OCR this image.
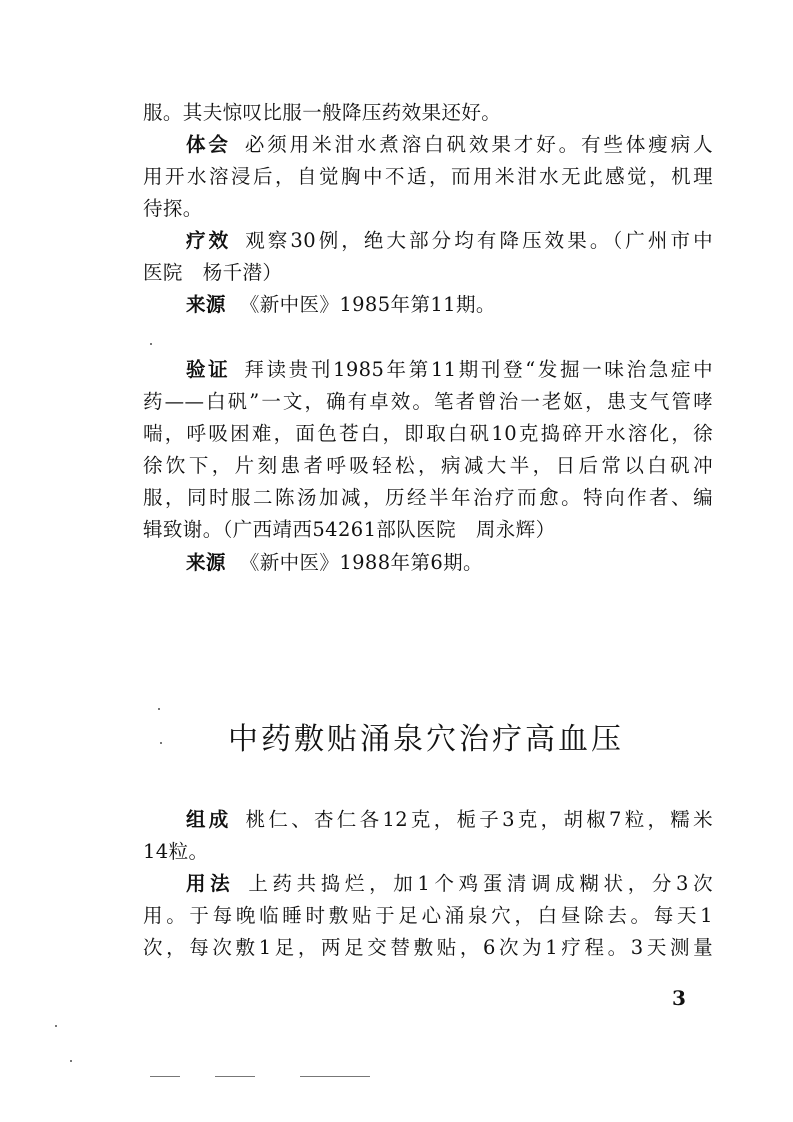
中药敷贴涌泉穴治疗高血压
3
服。其夫惊叹比服一般降压药效果还好。
体会 必须用米泔水煮溶白矾效果才好。有些体瘦病人
用开水溶浸后，自觉胸中不适，而用米泔水无此感觉，机理
待探。
疗效 观察30例，绝大部分均有降压效果。（广州市中
医院　杨千潜）
来源 《新中医》1985年第11期。
验证 拜读贵刊1985年第11期刊登“发掘一味治急症中
药——白矾”一文，确有卓效。笔者曾治一老妪，患支气管哮
喘，呼吸困难，面色苍白，即取白矾10克捣碎开水溶化，徐
徐饮下，片刻患者呼吸轻松，病减大半，日后常以白矾冲
服，同时服二陈汤加减，历经半年治疗而愈。特向作者、编
辑致谢。（广西靖西54261部队医院　周永辉）
来源 《新中医》1988年第6期。
组成 桃仁、杏仁各12克，栀子3克，胡椒7粒，糯米
14粒。
用法 上药共捣烂，加1个鸡蛋清调成糊状，分3次
用。于每晚临睡时敷贴于足心涌泉穴，白昼除去。每天1
次，每次敷1足，两足交替敷贴，6次为1疗程。3天测量
